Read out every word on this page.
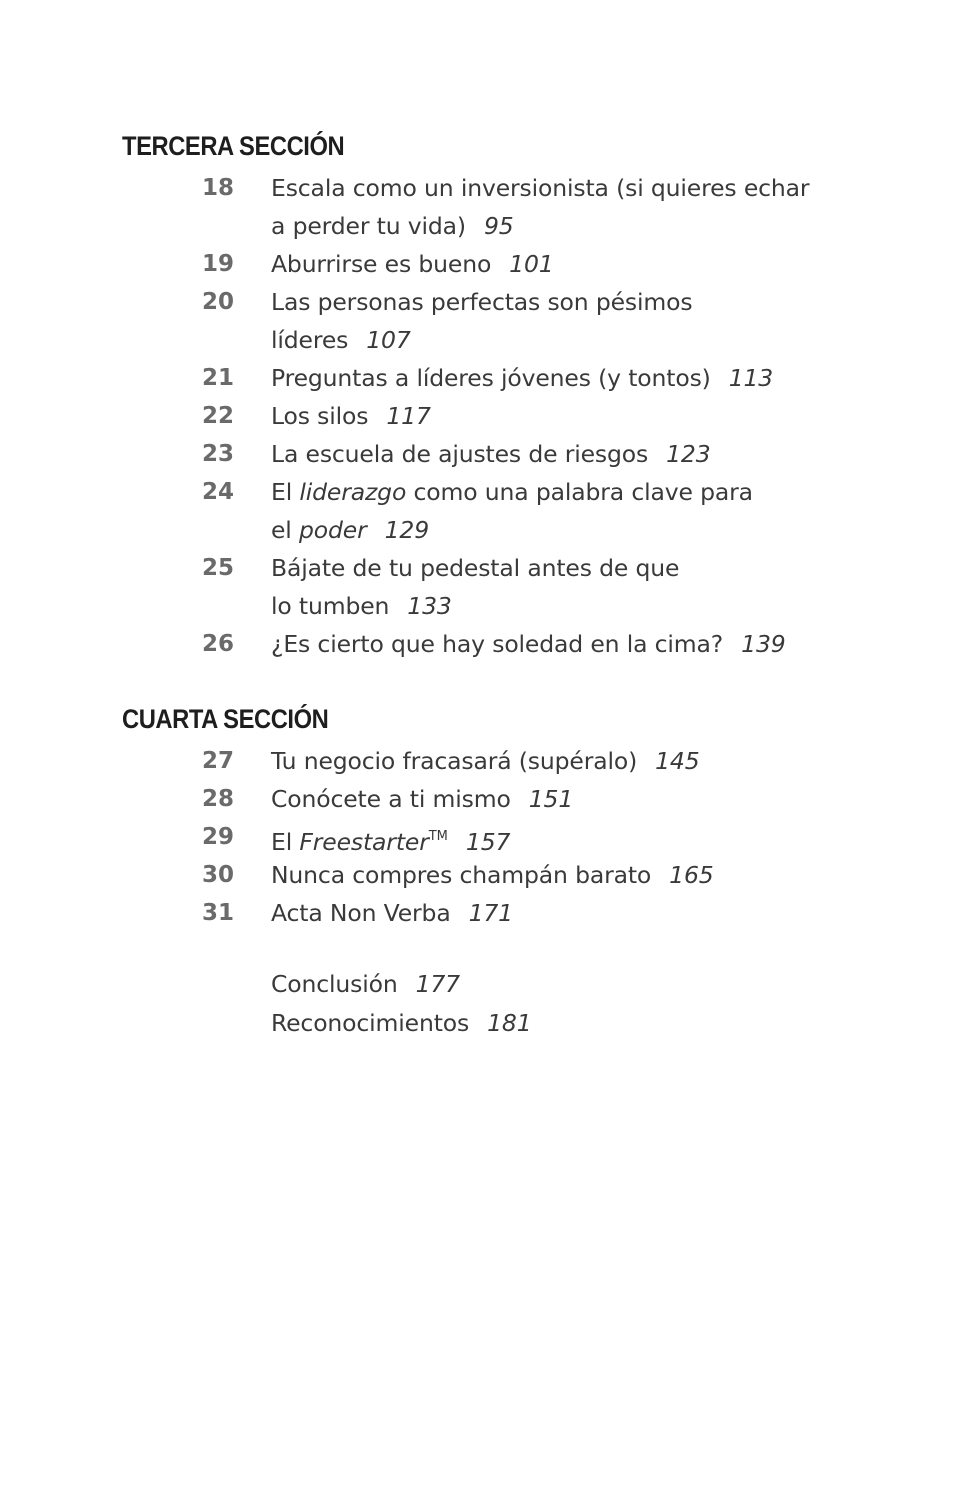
TERCERA SECCIÓN
18	Escala como un inversionista (si quieres echar
a perder tu vida) 95
19	Aburrirse es bueno 101
20	Las personas perfectas son pésimos
líderes 107
21	Preguntas a líderes jóvenes (y tontos) 113
22	Los silos 117
23	La escuela de ajustes de riesgos 123
24	El liderazgo como una palabra clave para
el poder 129
25	Bájate de tu pedestal antes de que
lo tumben 133
26	¿Es cierto que hay soledad en la cima? 139
CUARTA SECCIÓN
27	Tu negocio fracasará (supéralo) 145
28	Conócete a ti mismo 151
29	El Freestarter™ 157
30	Nunca compres champán barato 165
31	Acta Non Verba 171
Conclusión 177
Reconocimientos 181
